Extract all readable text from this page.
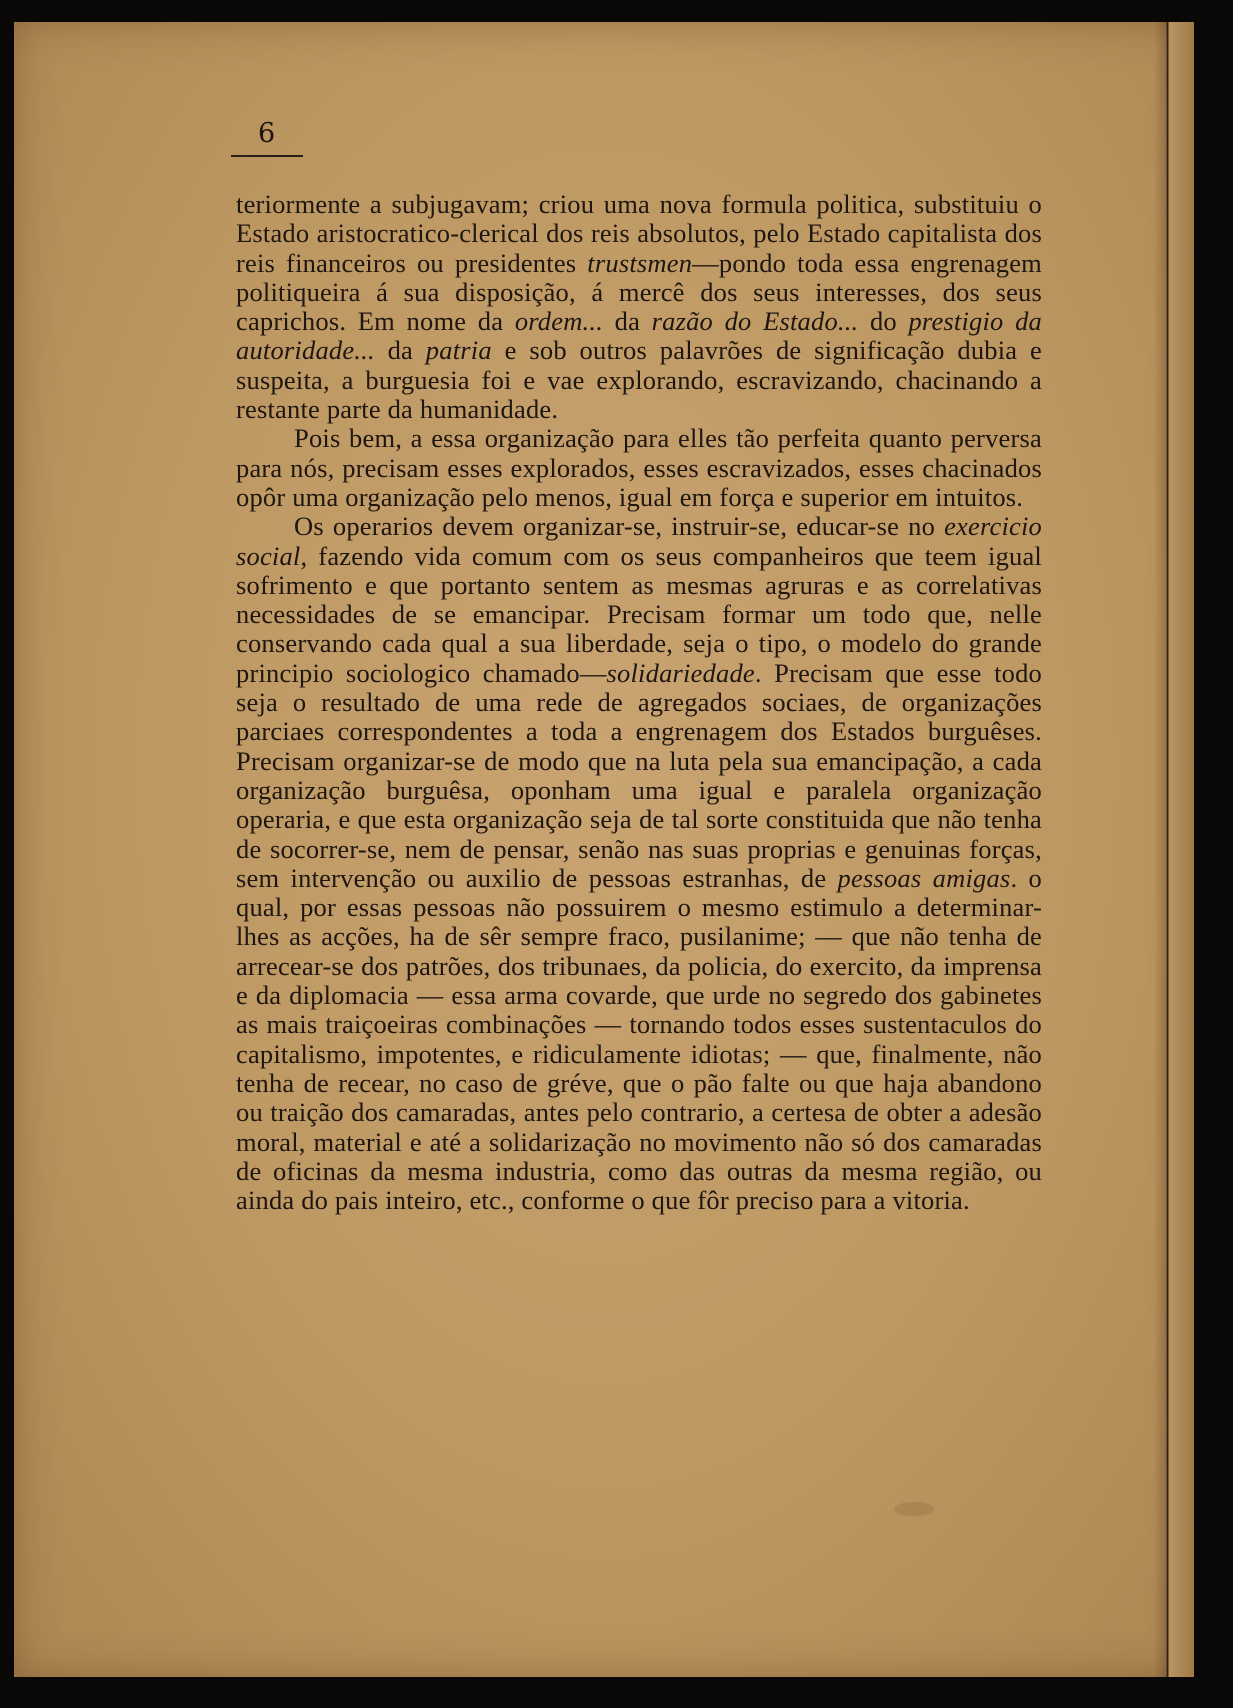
6

teriormente a subjugavam; criou uma nova formula politica, substituiu o Estado aristocratico-clerical dos reis absolutos, pelo Estado capitalista dos reis financeiros ou presidentes trustsmen—pondo toda essa engrenagem politiqueira á sua disposição, á mercê dos seus interesses, dos seus caprichos. Em nome da ordem... da razão do Estado... do prestigio da autoridade... da patria e sob outros palavrões de significação dubia e suspeita, a burguesia foi e vae explorando, escravizando, chacinando a restante parte da humanidade.

Pois bem, a essa organização para elles tão perfeita quanto perversa para nós, precisam esses explorados, esses escravizados, esses chacinados opôr uma organização pelo menos, igual em força e superior em intuitos.

Os operarios devem organizar-se, instruir-se, educar-se no exercicio social, fazendo vida comum com os seus companheiros que teem igual sofrimento e que portanto sentem as mesmas agruras e as correlativas necessidades de se emancipar. Precisam formar um todo que, nelle conservando cada qual a sua liberdade, seja o tipo, o modelo do grande principio sociologico chamado—solidariedade. Precisam que esse todo seja o resultado de uma rede de agregados sociaes, de organizações parciaes correspondentes a toda a engrenagem dos Estados burguêses. Precisam organizar-se de modo que na luta pela sua emancipação, a cada organização burguêsa, oponham uma igual e paralela organização operaria, e que esta organização seja de tal sorte constituida que não tenha de socorrer-se, nem de pensar, senão nas suas proprias e genuinas forças, sem intervenção ou auxilio de pessoas estranhas, de pessoas amigas. o qual, por essas pessoas não possuirem o mesmo estimulo a determinar-lhes as acções, ha de sêr sempre fraco, pusilanime; — que não tenha de arrecear-se dos patrões, dos tribunaes, da policia, do exercito, da imprensa e da diplomacia — essa arma covarde, que urde no segredo dos gabinetes as mais traiçoeiras combinações — tornando todos esses sustentaculos do capitalismo, impotentes, e ridiculamente idiotas; — que, finalmente, não tenha de recear, no caso de gréve, que o pão falte ou que haja abandono ou traição dos camaradas, antes pelo contrario, a certesa de obter a adesão moral, material e até a solidarização no movimento não só dos camaradas de oficinas da mesma industria, como das outras da mesma região, ou ainda do pais inteiro, etc., conforme o que fôr preciso para a vitoria.
